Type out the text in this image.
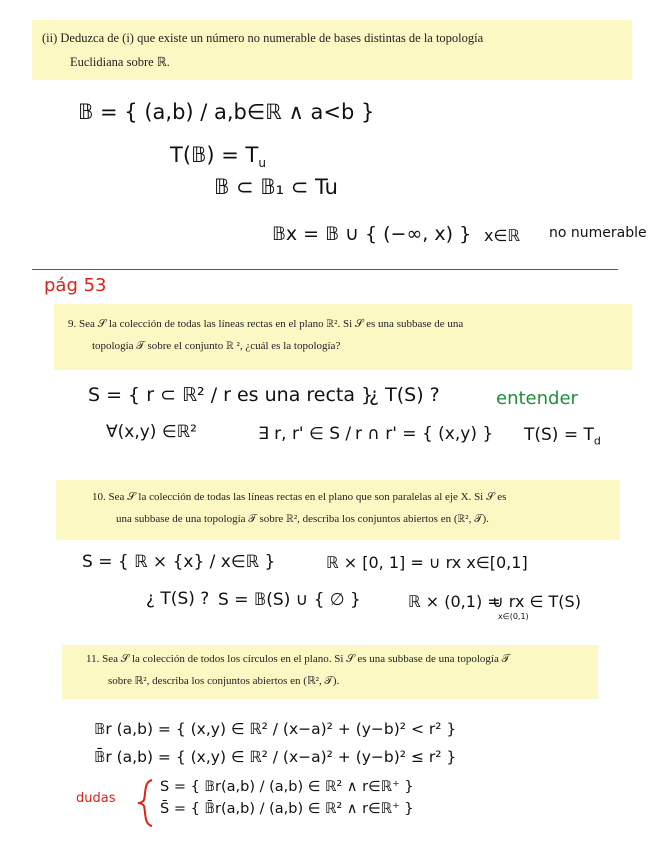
(ii) Deduzca de (i) que existe un número no numerable de bases distintas de la topología
Euclidiana sobre ℝ.
𝔹 = { (a,b) / a,b∈ℝ ∧ a<b }
T(𝔹) = $T_u$
𝔹 ⊂ 𝔹₁ ⊂ Tu
𝔹x = 𝔹 ∪ { (−∞, x) } x∈ℝ no numerable
pág 53
9. Sea 𝒮 la colección de todas las líneas rectas en el plano ℝ². Si 𝒮 es una subbase de una
topología 𝒯 sobre el conjunto ℝ ², ¿cuál es la topología?
S = { r ⊂ ℝ² / r es una recta }
¿ T(S) ?	entender
∀(x,y) ∈ℝ²	∃ r, r' ∈ S / r ∩ r' = { (x,y) } $T(S) = T_d$
10. Sea 𝒮 la colección de todas las líneas rectas en el plano que son paralelas al eje X. Si 𝒮 es
una subbase de una topología 𝒯 sobre ℝ², describa los conjuntos abiertos en (ℝ², 𝒯).
S = { ℝ × {x} / x∈ℝ }	ℝ × [0, 1] = ∪ rx x∈[0,1]
¿ T(S) ? S = 𝔹(S) ∪ { ∅ }	ℝ × (0,1) =
∪ rx ∈ T(S)
x∈(0,1)
11. Sea 𝒮 la colección de todos los círculos en el plano. Si 𝒮 es una subbase de una topología 𝒯
sobre ℝ², describa los conjuntos abiertos en (ℝ², 𝒯).
𝔹r (a,b) = { (x,y) ∈ ℝ² / (x−a)² + (y−b)² < r² }
𝔹̄r (a,b) = { (x,y) ∈ ℝ² / (x−a)² + (y−b)² ≤ r² }
dudas
S = { 𝔹r(a,b) / (a,b) ∈ ℝ² ∧ r∈ℝ⁺ }
S̄ = { 𝔹̄r(a,b) / (a,b) ∈ ℝ² ∧ r∈ℝ⁺ }
